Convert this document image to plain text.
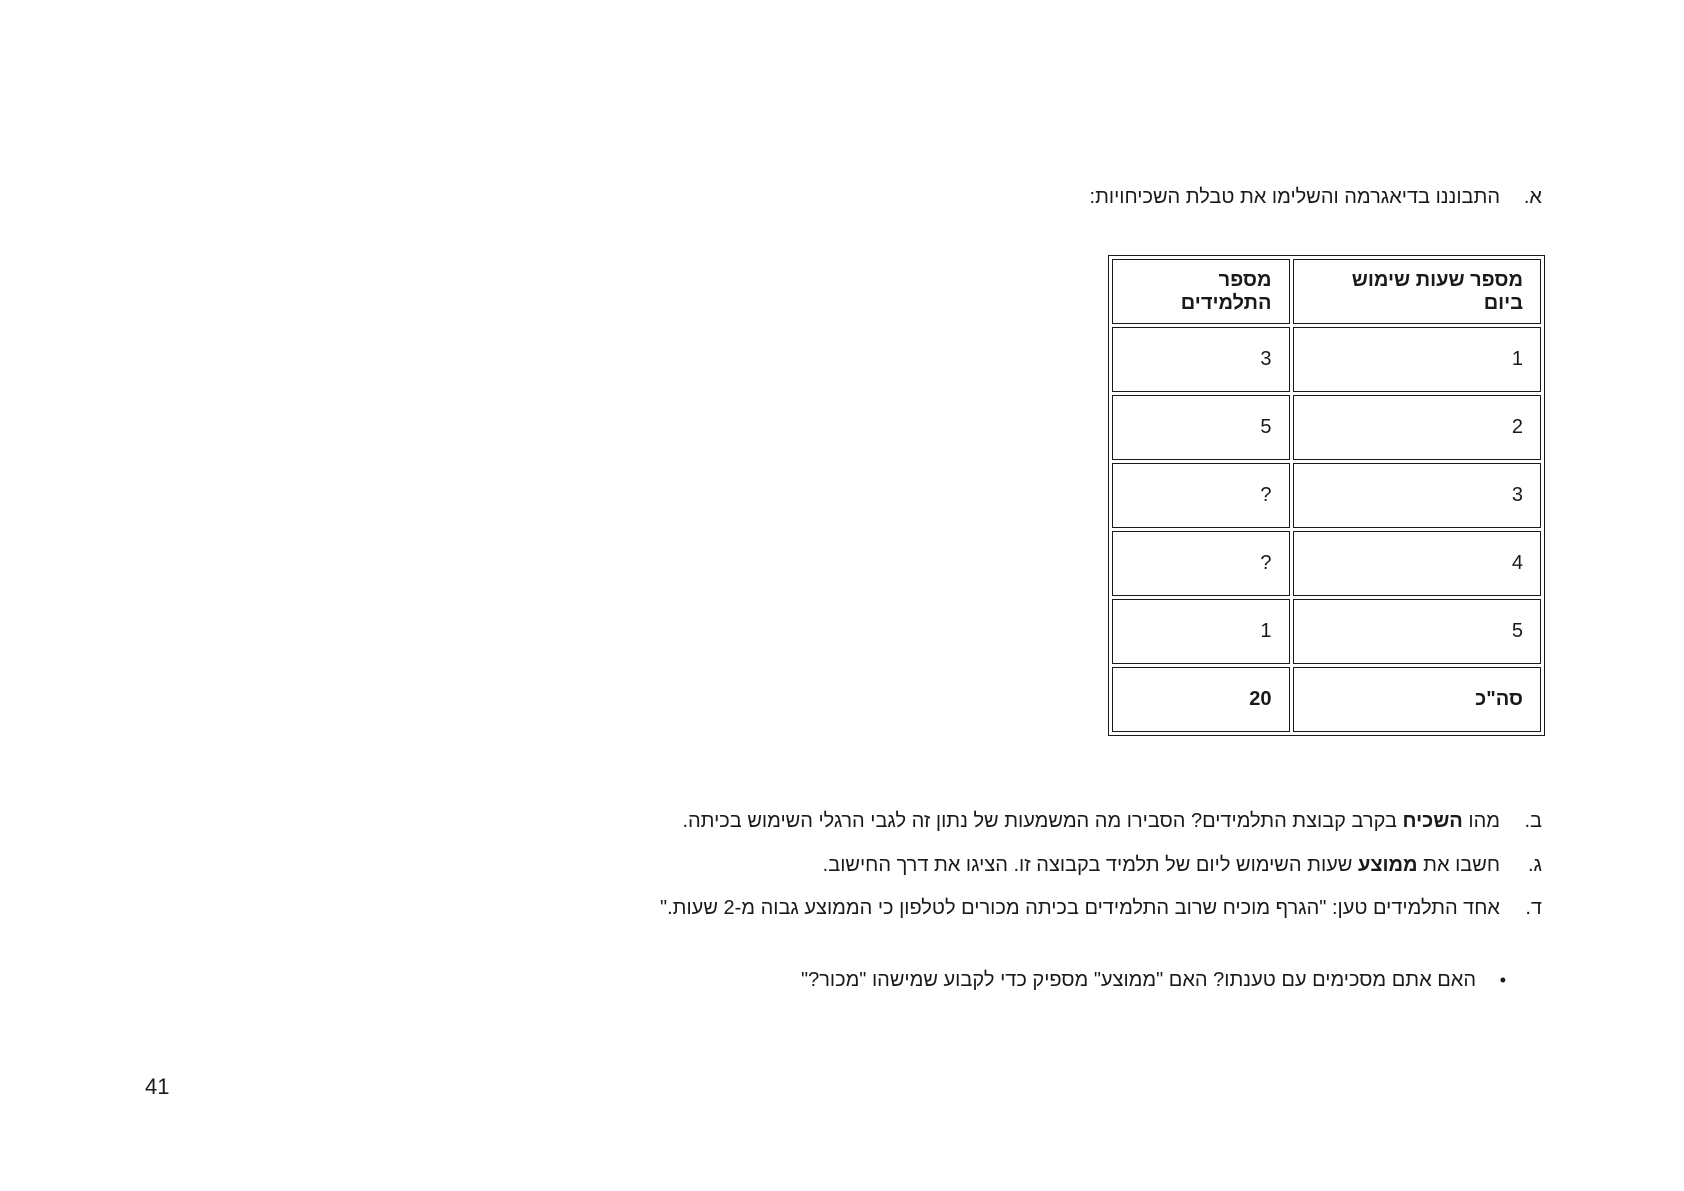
א.
התבוננו בדיאגרמה והשלימו את טבלת השכיחויות:
מספר שעות שימוש ביום	מספר התלמידים
1	3
2	5
3	?
4	?
5	1
סה"כ	20
ב.
מהו השכיח בקרב קבוצת התלמידים? הסבירו מה המשמעות של נתון זה לגבי הרגלי השימוש בכיתה.
ג.
חשבו את ממוצע שעות השימוש ליום של תלמיד בקבוצה זו. הציגו את דרך החישוב.
ד.
אחד התלמידים טען: "הגרף מוכיח שרוב התלמידים בכיתה מכורים לטלפון כי הממוצע גבוה מ-2 שעות."
•
האם אתם מסכימים עם טענתו? האם "ממוצע" מספיק כדי לקבוע שמישהו "מכור?"
41
